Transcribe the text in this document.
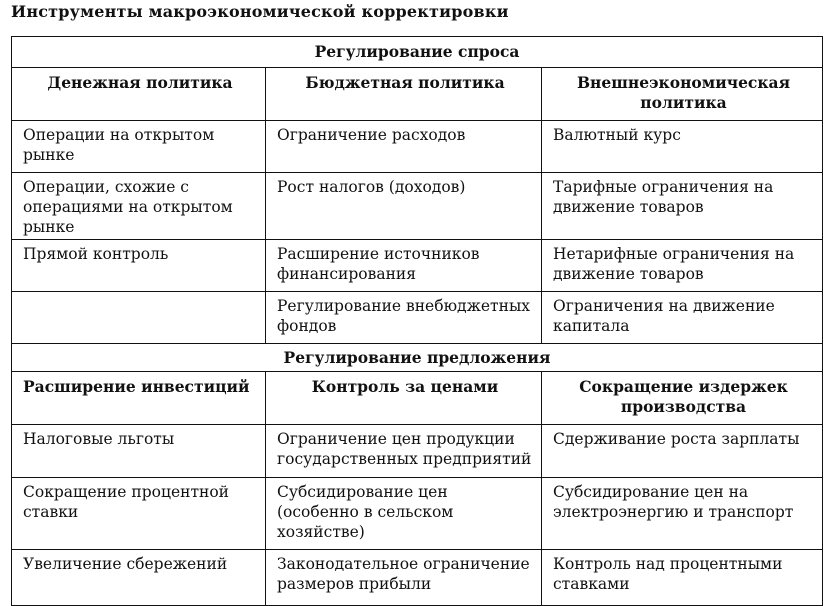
Инструменты макроэкономической корректировки
Регулирование спроса		
Денежная политика	Бюджетная политика	Внешнеэкономическая политика
Операции на открытом рынке	Ограничение расходов	Валютный курс
Операции, схожие с операциями на открытом рынке	Рост налогов (доходов)	Тарифные ограничения на движение товаров
Прямой контроль	Расширение источников финансирования	Нетарифные ограничения на движение товаров
	Регулирование внебюджетных фондов	Ограничения на движение капитала
Регулирование предложения		
Расширение инвестиций	Контроль за ценами	Сокращение издержек производства
Налоговые льготы	Ограничение цен продукции государственных предприятий	Сдерживание роста зарплаты
Сокращение процентной ставки	Субсидирование цен (особенно в сельском хозяйстве)	Субсидирование цен на электроэнергию и транспорт
Увеличение сбережений	Законодательное ограничение размеров прибыли	Контроль над процентными ставками
